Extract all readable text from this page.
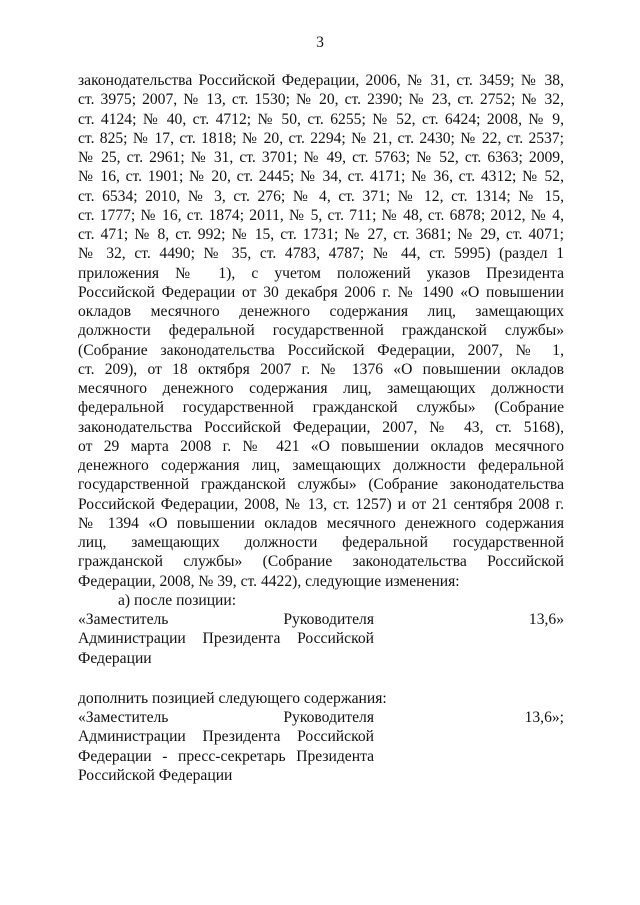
3
законодательства Российской Федерации, 2006, № 31, ст. 3459; № 38,
ст. 3975; 2007, № 13, ст. 1530; № 20, ст. 2390; № 23, ст. 2752; № 32,
ст. 4124; № 40, ст. 4712; № 50, ст. 6255; № 52, ст. 6424; 2008, № 9,
ст. 825; № 17, ст. 1818; № 20, ст. 2294; № 21, ст. 2430; № 22, ст. 2537;
№ 25, ст. 2961; № 31, ст. 3701; № 49, ст. 5763; № 52, ст. 6363; 2009,
№ 16, ст. 1901; № 20, ст. 2445; № 34, ст. 4171; № 36, ст. 4312; № 52,
ст. 6534; 2010, № 3, ст. 276; № 4, ст. 371; № 12, ст. 1314; № 15,
ст. 1777; № 16, ст. 1874; 2011, № 5, ст. 711; № 48, ст. 6878; 2012, № 4,
ст. 471; № 8, ст. 992; № 15, ст. 1731; № 27, ст. 3681; № 29, ст. 4071;
№ 32, ст. 4490; № 35, ст. 4783, 4787; № 44, ст. 5995) (раздел 1
приложения № 1), с учетом положений указов Президента
Российской Федерации от 30 декабря 2006 г. № 1490 «О повышении
окладов месячного денежного содержания лиц, замещающих
должности федеральной государственной гражданской службы»
(Собрание законодательства Российской Федерации, 2007, № 1,
ст. 209), от 18 октября 2007 г. № 1376 «О повышении окладов
месячного денежного содержания лиц, замещающих должности
федеральной государственной гражданской службы» (Собрание
законодательства Российской Федерации, 2007, № 43, ст. 5168),
от 29 марта 2008 г. № 421 «О повышении окладов месячного
денежного содержания лиц, замещающих должности федеральной
государственной гражданской службы» (Собрание законодательства
Российской Федерации, 2008, № 13, ст. 1257) и от 21 сентября 2008 г.
№ 1394 «О повышении окладов месячного денежного содержания
лиц, замещающих должности федеральной государственной
гражданской службы» (Собрание законодательства Российской
Федерации, 2008, № 39, ст. 4422), следующие изменения:
а) после позиции:
«Заместитель Руководителя
Администрации Президента Российской
Федерации
13,6»
дополнить позицией следующего содержания:
«Заместитель Руководителя
Администрации Президента Российской
Федерации - пресс-секретарь Президента
Российской Федерации
13,6»;
